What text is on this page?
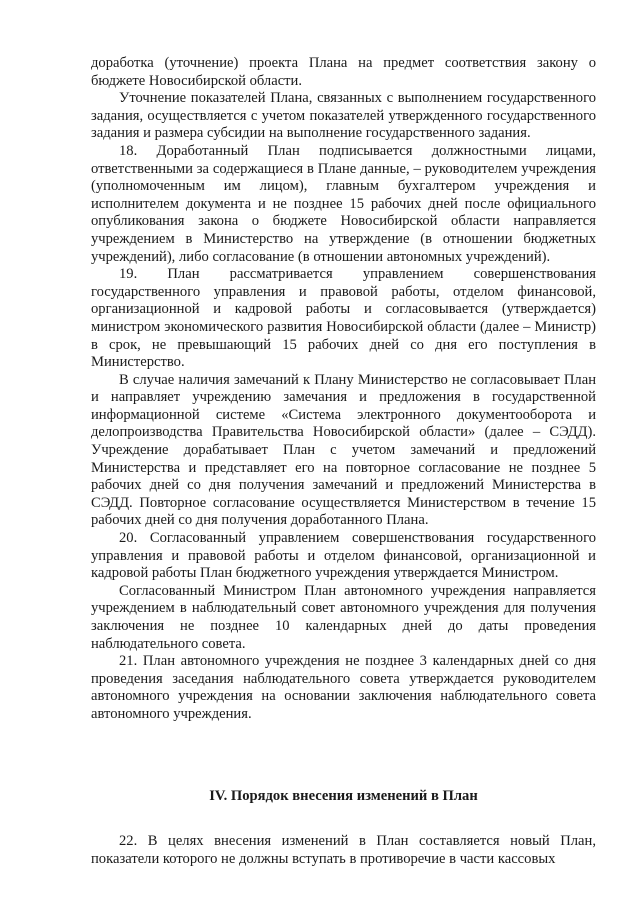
доработка (уточнение) проекта Плана на предмет соответствия закону о бюджете Новосибирской области.

Уточнение показателей Плана, связанных с выполнением государственного задания, осуществляется с учетом показателей утвержденного государственного задания и размера субсидии на выполнение государственного задания.

18. Доработанный План подписывается должностными лицами, ответственными за содержащиеся в Плане данные, – руководителем учреждения (уполномоченным им лицом), главным бухгалтером учреждения и исполнителем документа и не позднее 15 рабочих дней после официального опубликования закона о бюджете Новосибирской области направляется учреждением в Министерство на утверждение (в отношении бюджетных учреждений), либо согласование (в отношении автономных учреждений).

19. План рассматривается управлением совершенствования государственного управления и правовой работы, отделом финансовой, организационной и кадровой работы и согласовывается (утверждается) министром экономического развития Новосибирской области (далее – Министр) в срок, не превышающий 15 рабочих дней со дня его поступления в Министерство.

В случае наличия замечаний к Плану Министерство не согласовывает План и направляет учреждению замечания и предложения в государственной информационной системе «Система электронного документооборота и делопроизводства Правительства Новосибирской области» (далее – СЭДД). Учреждение дорабатывает План с учетом замечаний и предложений Министерства и представляет его на повторное согласование не позднее 5 рабочих дней со дня получения замечаний и предложений Министерства в СЭДД. Повторное согласование осуществляется Министерством в течение 15 рабочих дней со дня получения доработанного Плана.

20. Согласованный управлением совершенствования государственного управления и правовой работы и отделом финансовой, организационной и кадровой работы План бюджетного учреждения утверждается Министром.

Согласованный Министром План автономного учреждения направляется учреждением в наблюдательный совет автономного учреждения для получения заключения не позднее 10 календарных дней до даты проведения наблюдательного совета.

21. План автономного учреждения не позднее 3 календарных дней со дня проведения заседания наблюдательного совета утверждается руководителем автономного учреждения на основании заключения наблюдательного совета автономного учреждения.

IV. Порядок внесения изменений в План

22. В целях внесения изменений в План составляется новый План, показатели которого не должны вступать в противоречие в части кассовых
